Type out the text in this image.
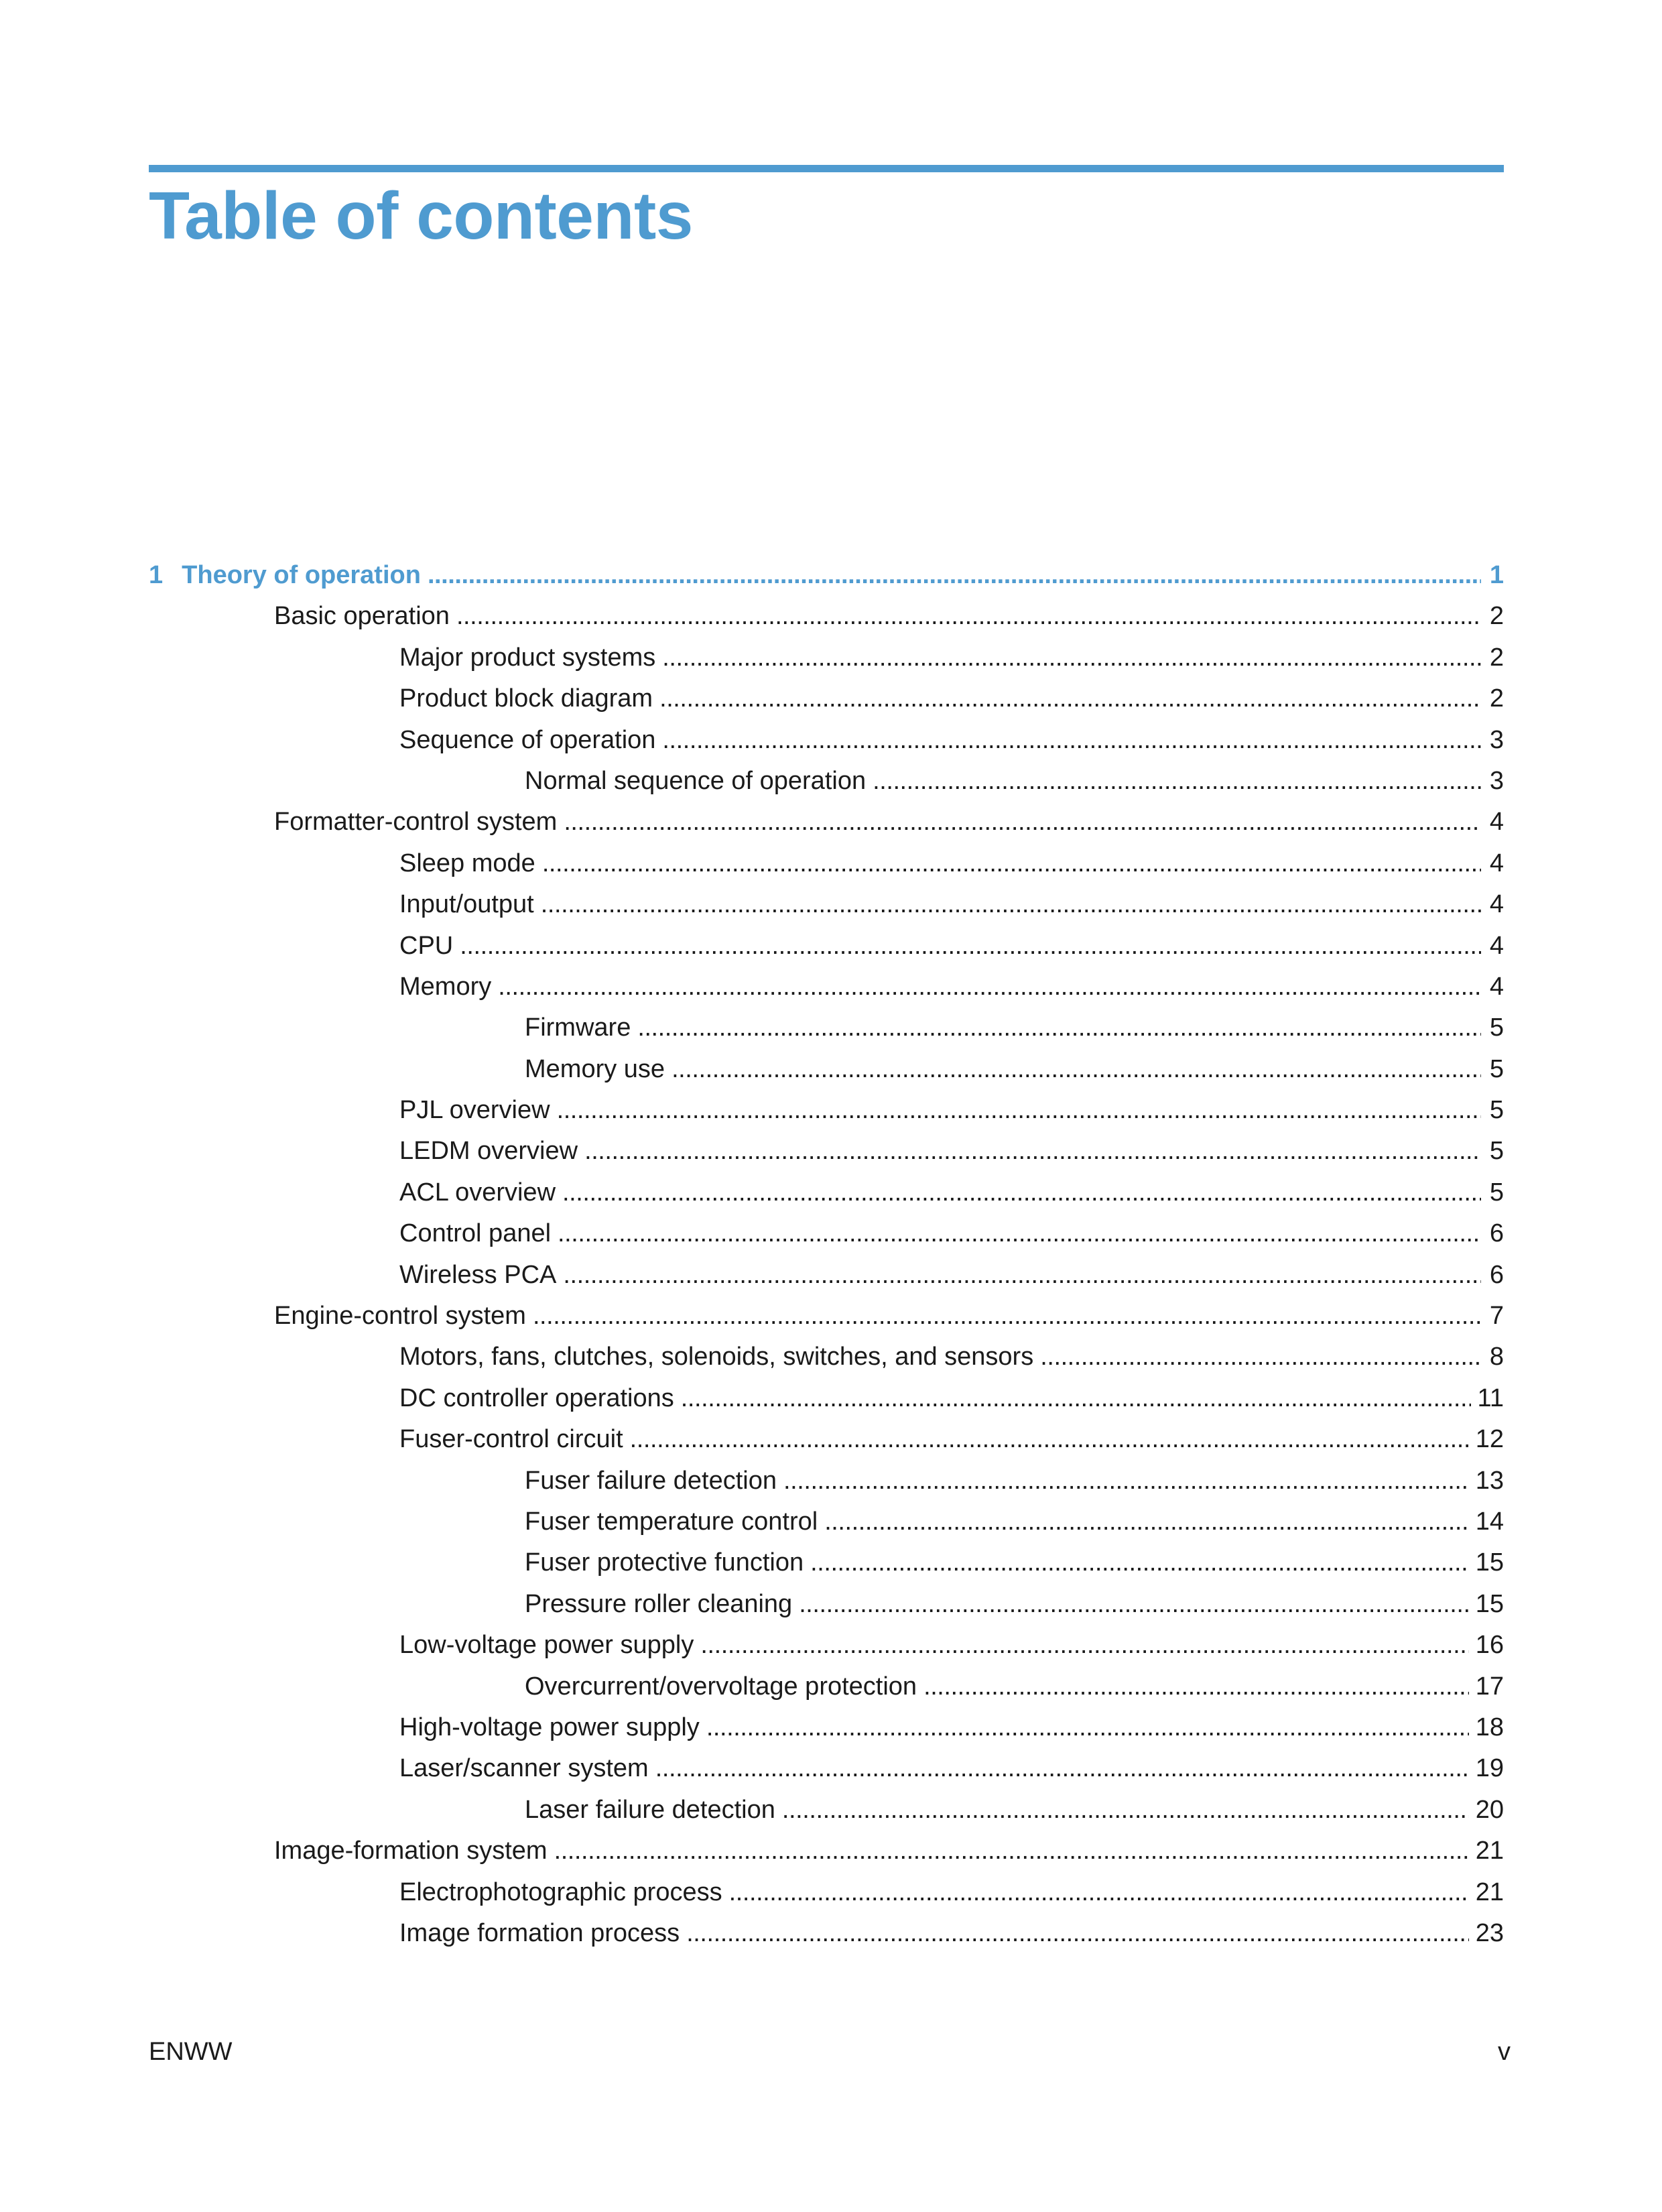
Table of contents
1 Theory of operation . . .	1
Basic operation . . .	2
Major product systems . . .	2
Product block diagram . . .	2
Sequence of operation . . .	3
Normal sequence of operation . . .	3
Formatter-control system . . .	4
Sleep mode . . .	4
Input/output . . .	4
CPU . . .	4
Memory . . .	4
Firmware . . .	5
Memory use . . .	5
PJL overview . . .	5
LEDM overview . . .	5
ACL overview . . .	5
Control panel . . .	6
Wireless PCA . . .	6
Engine-control system . . .	7
Motors, fans, clutches, solenoids, switches, and sensors . . .	8
DC controller operations . . .	11
Fuser-control circuit . . .	12
Fuser failure detection . . .	13
Fuser temperature control . . .	14
Fuser protective function . . .	15
Pressure roller cleaning . . .	15
Low-voltage power supply . . .	16
Overcurrent/overvoltage protection . . .	17
High-voltage power supply . . .	18
Laser/scanner system . . .	19
Laser failure detection . . .	20
Image-formation system . . .	21
Electrophotographic process . . .	21
Image formation process . . .	23
ENWW	v
